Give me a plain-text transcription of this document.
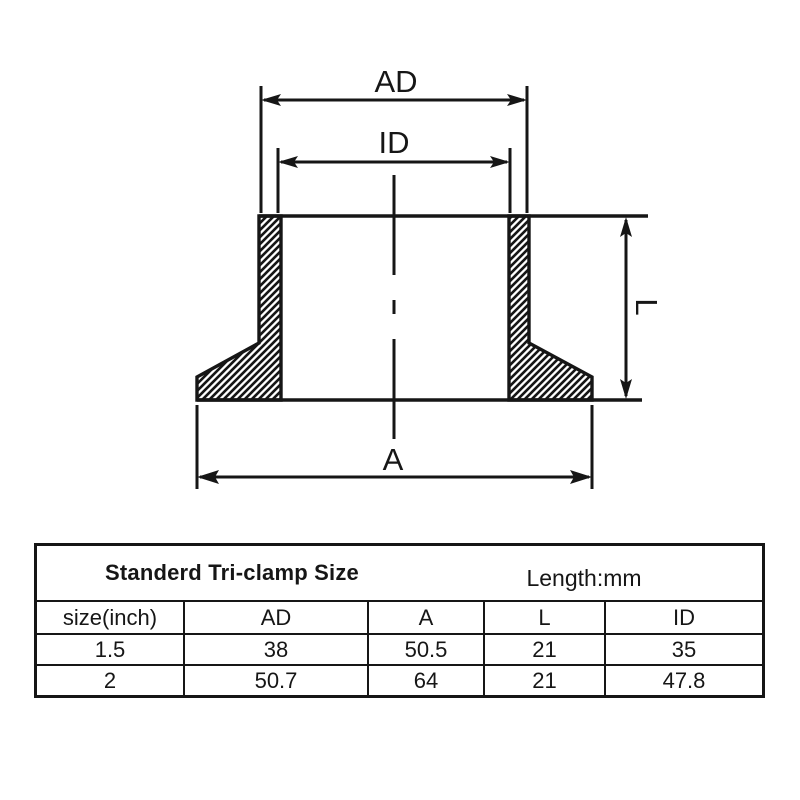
AD
ID
L
A
Standerd Tri-clamp Size	Length:mm
size(inch)	AD	A	L	ID
1.5	38	50.5	21	35
2	50.7	64	21	47.8
